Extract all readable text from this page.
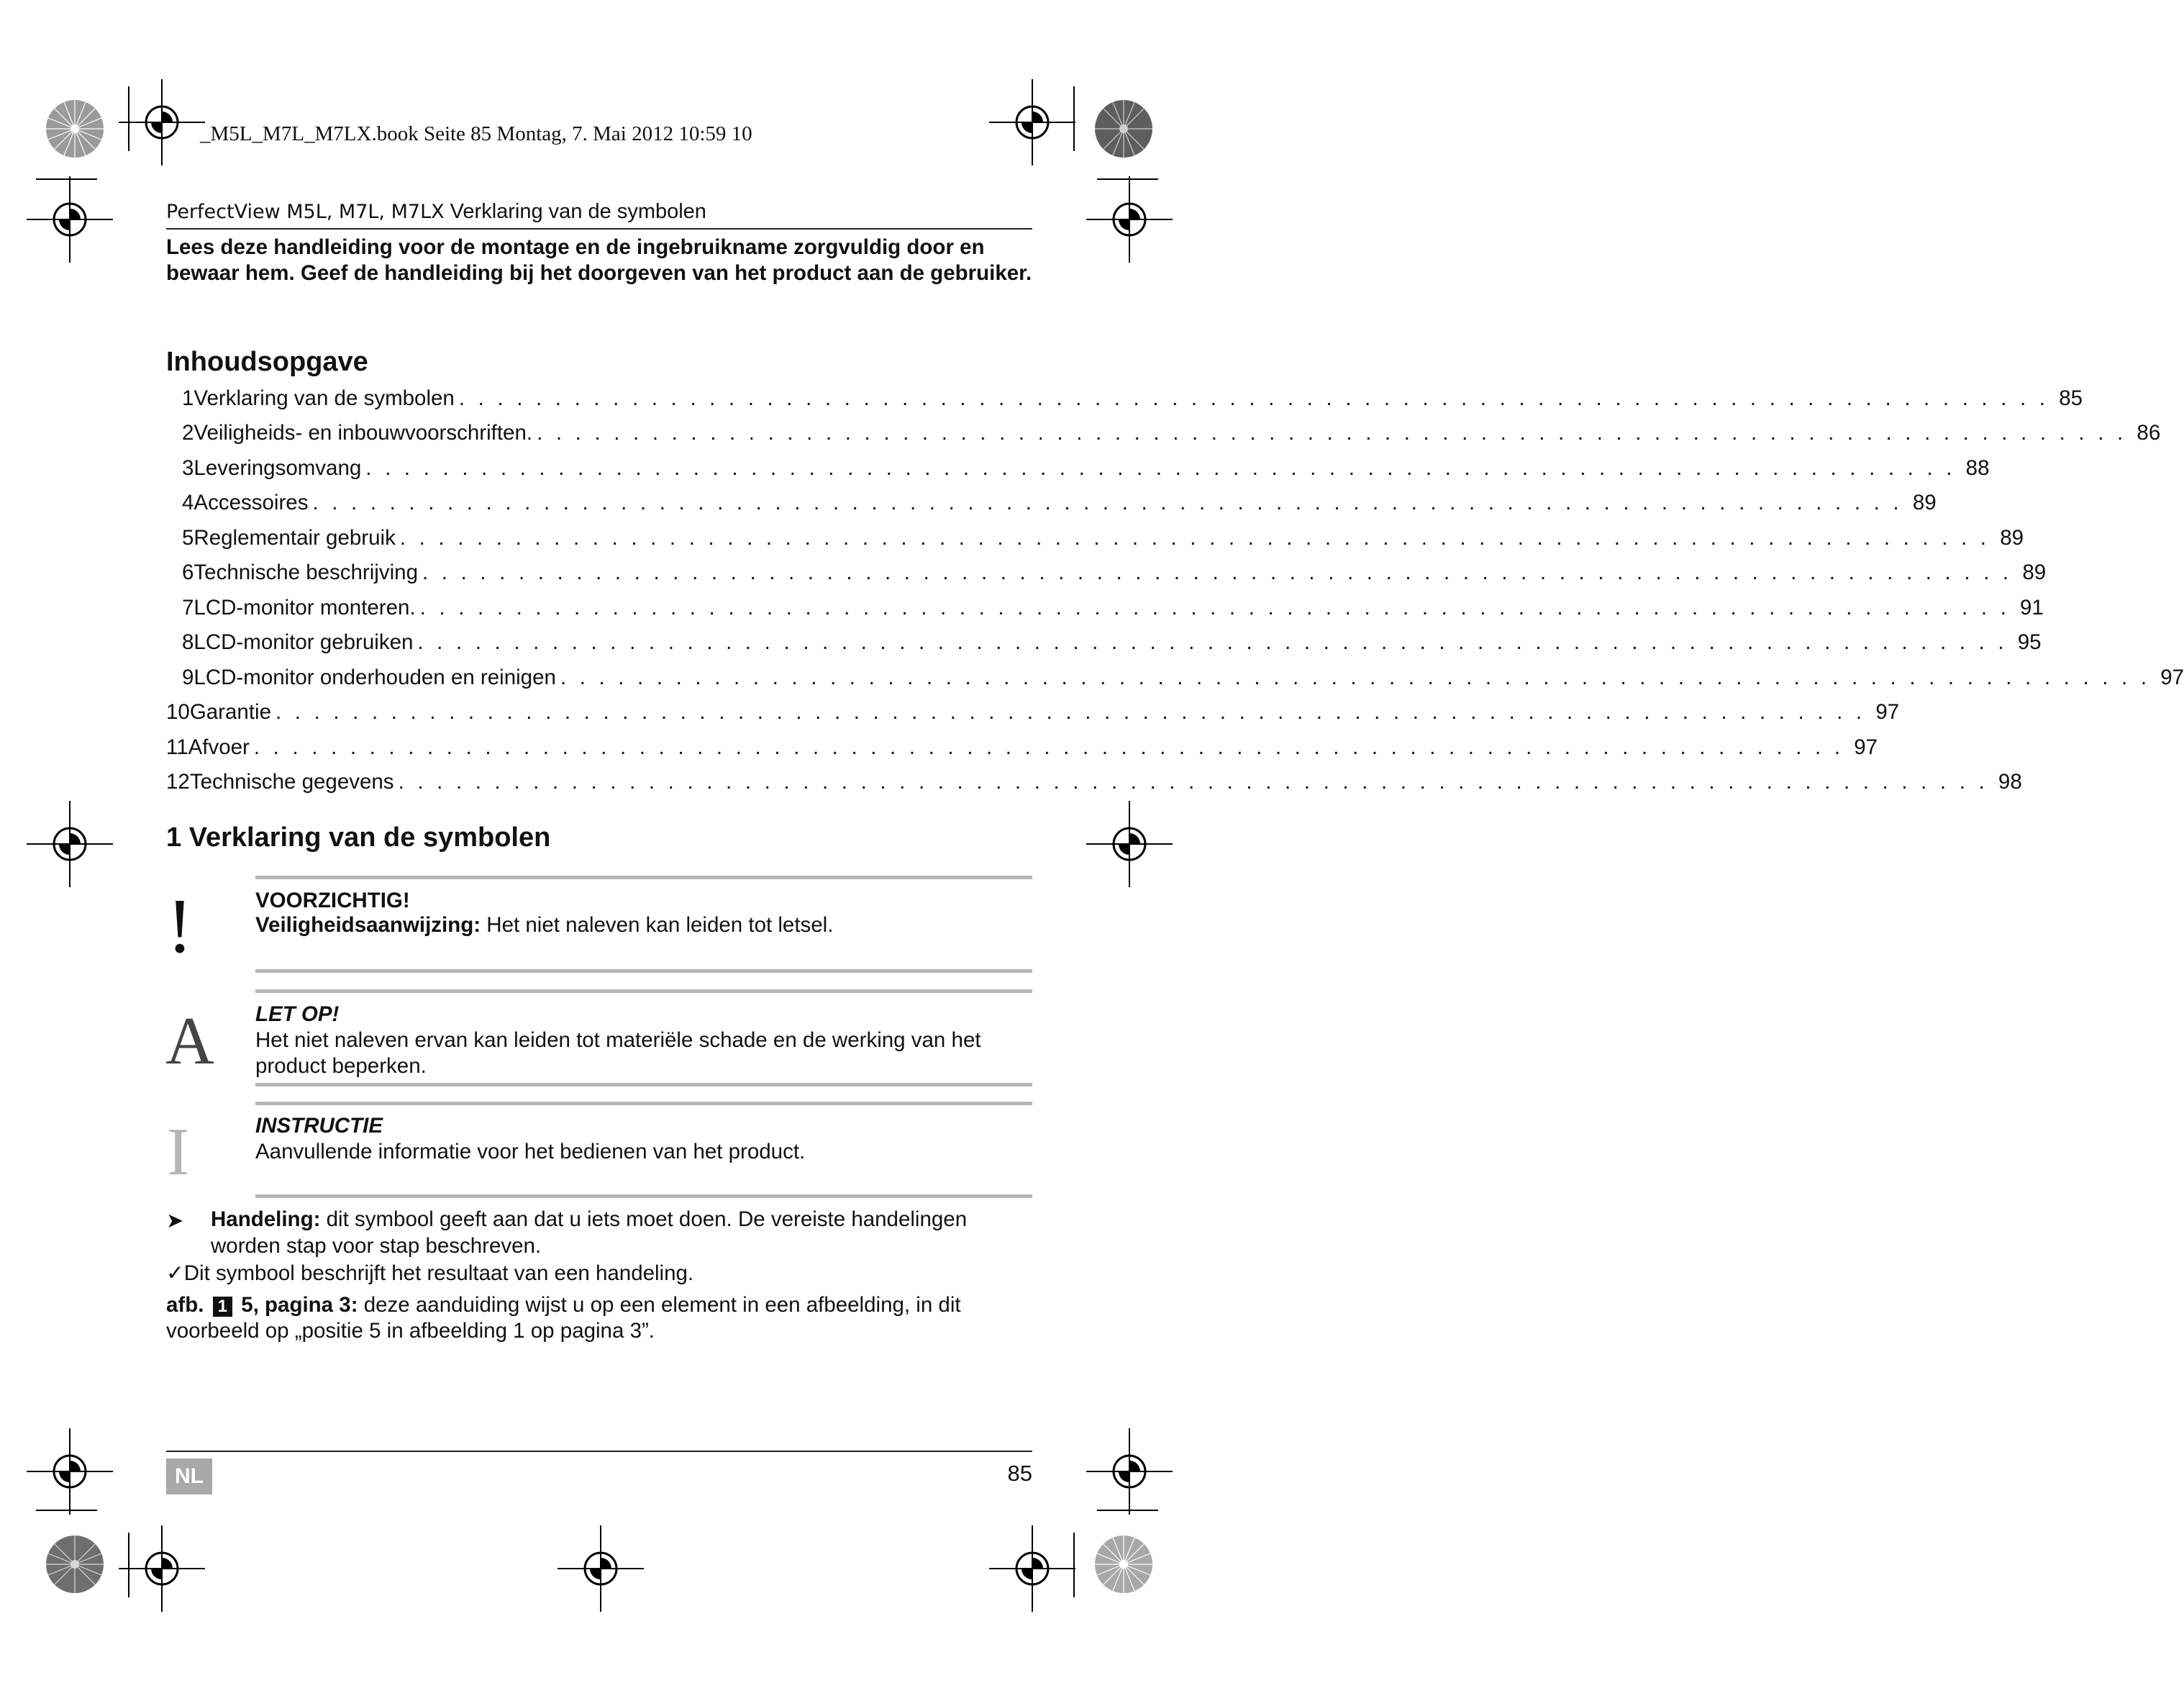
_M5L_M7L_M7LX.book Seite 85 Montag, 7. Mai 2012 10:59 10
PerfectView M5L, M7L, M7LX Verklaring van de symbolen
Lees deze handleiding voor de montage en de ingebruikname zorgvuldig door en bewaar hem. Geef de handleiding bij het doorgeven van het product aan de gebruiker.
Inhoudsopgave
1 Verklaring van de symbolen . . . . . . . . . . . . . . . . . . . . . . . . . . . . . . . . . . . . . . . . . . . . . . . . . . . . . . . . . . . . . . . . . . . . . . . . . . . . . . . . . . . 85
2 Veiligheids- en inbouwvoorschriften. . . . . . . . . . . . . . . . . . . . . . . . . . . . . . . . . . . . . . . . . . . . . . . . . . . . . . . . . . . . . . . . . . . . . . . . . . . . . . . . . . . . 86
3 Leveringsomvang . . . . . . . . . . . . . . . . . . . . . . . . . . . . . . . . . . . . . . . . . . . . . . . . . . . . . . . . . . . . . . . . . . . . . . . . . . . . . . . . . . . 88
4 Accessoires . . . . . . . . . . . . . . . . . . . . . . . . . . . . . . . . . . . . . . . . . . . . . . . . . . . . . . . . . . . . . . . . . . . . . . . . . . . . . . . . . . . 89
5 Reglementair gebruik . . . . . . . . . . . . . . . . . . . . . . . . . . . . . . . . . . . . . . . . . . . . . . . . . . . . . . . . . . . . . . . . . . . . . . . . . . . . . . . . . . . 89
6 Technische beschrijving . . . . . . . . . . . . . . . . . . . . . . . . . . . . . . . . . . . . . . . . . . . . . . . . . . . . . . . . . . . . . . . . . . . . . . . . . . . . . . . . . . . 89
7 LCD-monitor monteren. . . . . . . . . . . . . . . . . . . . . . . . . . . . . . . . . . . . . . . . . . . . . . . . . . . . . . . . . . . . . . . . . . . . . . . . . . . . . . . . . . . . 91
8 LCD-monitor gebruiken . . . . . . . . . . . . . . . . . . . . . . . . . . . . . . . . . . . . . . . . . . . . . . . . . . . . . . . . . . . . . . . . . . . . . . . . . . . . . . . . . . . 95
9 LCD-monitor onderhouden en reinigen . . . . . . . . . . . . . . . . . . . . . . . . . . . . . . . . . . . . . . . . . . . . . . . . . . . . . . . . . . . . . . . . . . . . . . . . . . . . . . . . . . . 97
10 Garantie . . . . . . . . . . . . . . . . . . . . . . . . . . . . . . . . . . . . . . . . . . . . . . . . . . . . . . . . . . . . . . . . . . . . . . . . . . . . . . . . . . . 97
11 Afvoer . . . . . . . . . . . . . . . . . . . . . . . . . . . . . . . . . . . . . . . . . . . . . . . . . . . . . . . . . . . . . . . . . . . . . . . . . . . . . . . . . . . 97
12 Technische gegevens . . . . . . . . . . . . . . . . . . . . . . . . . . . . . . . . . . . . . . . . . . . . . . . . . . . . . . . . . . . . . . . . . . . . . . . . . . . . . . . . . . . 98
1 Verklaring van de symbolen
!	VOORZICHTIG!
Veiligheidsaanwijzing: Het niet naleven kan leiden tot letsel.
A LET OP!
Het niet naleven ervan kan leiden tot materiële schade en de werking van het product beperken.
I	INSTRUCTIE
Aanvullende informatie voor het bedienen van het product.
➤ Handeling: dit symbool geeft aan dat u iets moet doen. De vereiste handelingen worden stap voor stap beschreven.
✓Dit symbool beschrijft het resultaat van een handeling.
afb. 1 5, pagina 3: deze aanduiding wijst u op een element in een afbeelding, in dit voorbeeld op „positie 5 in afbeelding 1 op pagina 3”.
NL	85
